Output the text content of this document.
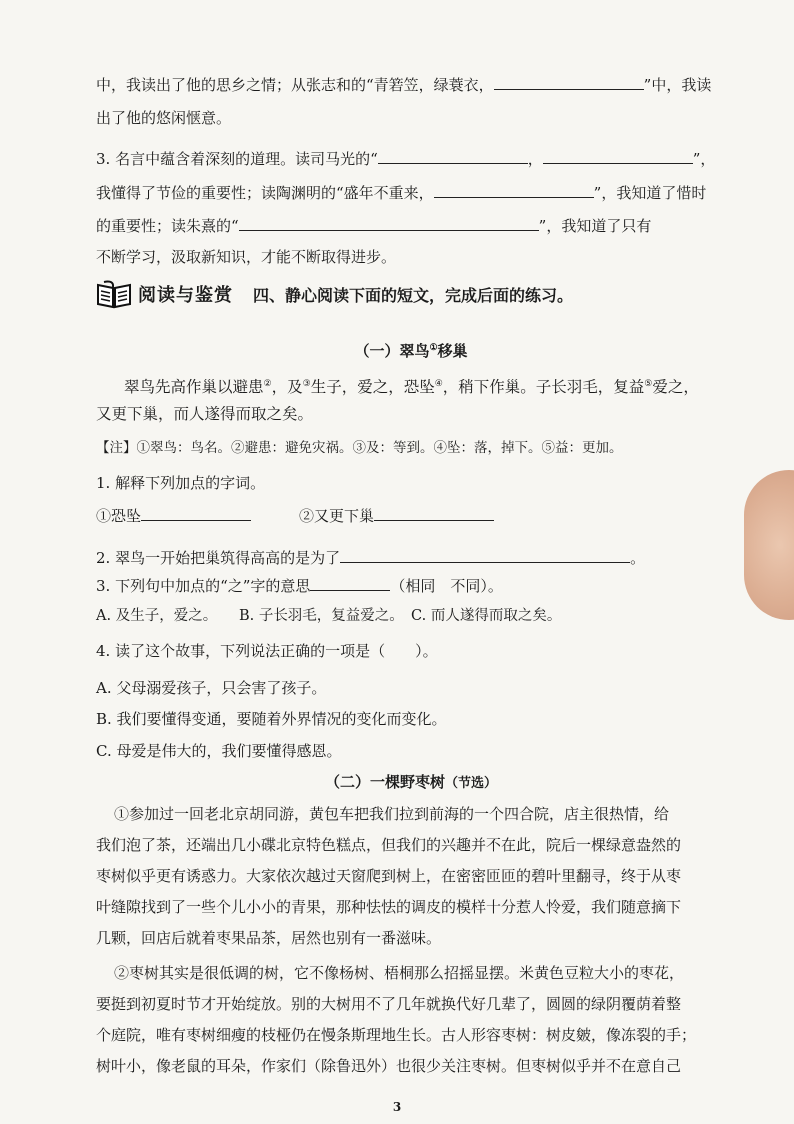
中，我读出了他的思乡之情；从张志和的“青箬笠，绿蓑衣，	”中，我读
出了他的悠闲惬意。
3. 名言中蕴含着深刻的道理。读司马光的“	，	”，
我懂得了节俭的重要性；读陶渊明的“盛年不重来，	”，我知道了惜时
的重要性；读朱熹的“	”，我知道了只有
不断学习，汲取新知识，才能不断取得进步。
阅读与鉴赏 四、静心阅读下面的短文，完成后面的练习。
（一）翠鸟①移巢
翠鸟先高作巢以避患②，及③生子，爱之，恐坠④，稍下作巢。子长羽毛，复益⑤爱之，
又更下巢，而人遂得而取之矣。
【注】①翠鸟：鸟名。②避患：避免灾祸。③及：等到。④坠：落，掉下。⑤益：更加。
1. 解释下列加点的字词。
①恐坠	②又更下巢
2. 翠鸟一开始把巢筑得高高的是为了	。
3. 下列句中加点的“之”字的意思	（相同　不同）。
A. 及生子，爱之。　　B. 子长羽毛，复益爱之。　C. 而人遂得而取之矣。
4. 读了这个故事，下列说法正确的一项是（　　）。
A. 父母溺爱孩子，只会害了孩子。
B. 我们要懂得变通，要随着外界情况的变化而变化。
C. 母爱是伟大的，我们要懂得感恩。
（二）一棵野枣树（节选）
①参加过一回老北京胡同游，黄包车把我们拉到前海的一个四合院，店主很热情，给
我们泡了茶，还端出几小碟北京特色糕点，但我们的兴趣并不在此，院后一棵绿意盎然的
枣树似乎更有诱惑力。大家依次越过天窗爬到树上，在密密匝匝的碧叶里翻寻，终于从枣
叶缝隙找到了一些个儿小小的青果，那种怯怯的调皮的模样十分惹人怜爱，我们随意摘下
几颗，回店后就着枣果品茶，居然也别有一番滋味。
②枣树其实是很低调的树，它不像杨树、梧桐那么招摇显摆。米黄色豆粒大小的枣花，
要挺到初夏时节才开始绽放。别的大树用不了几年就换代好几辈了，圆圆的绿阴覆荫着整
个庭院，唯有枣树细瘦的枝桠仍在慢条斯理地生长。古人形容枣树：树皮皴，像冻裂的手；
树叶小，像老鼠的耳朵，作家们（除鲁迅外）也很少关注枣树。但枣树似乎并不在意自己
3
